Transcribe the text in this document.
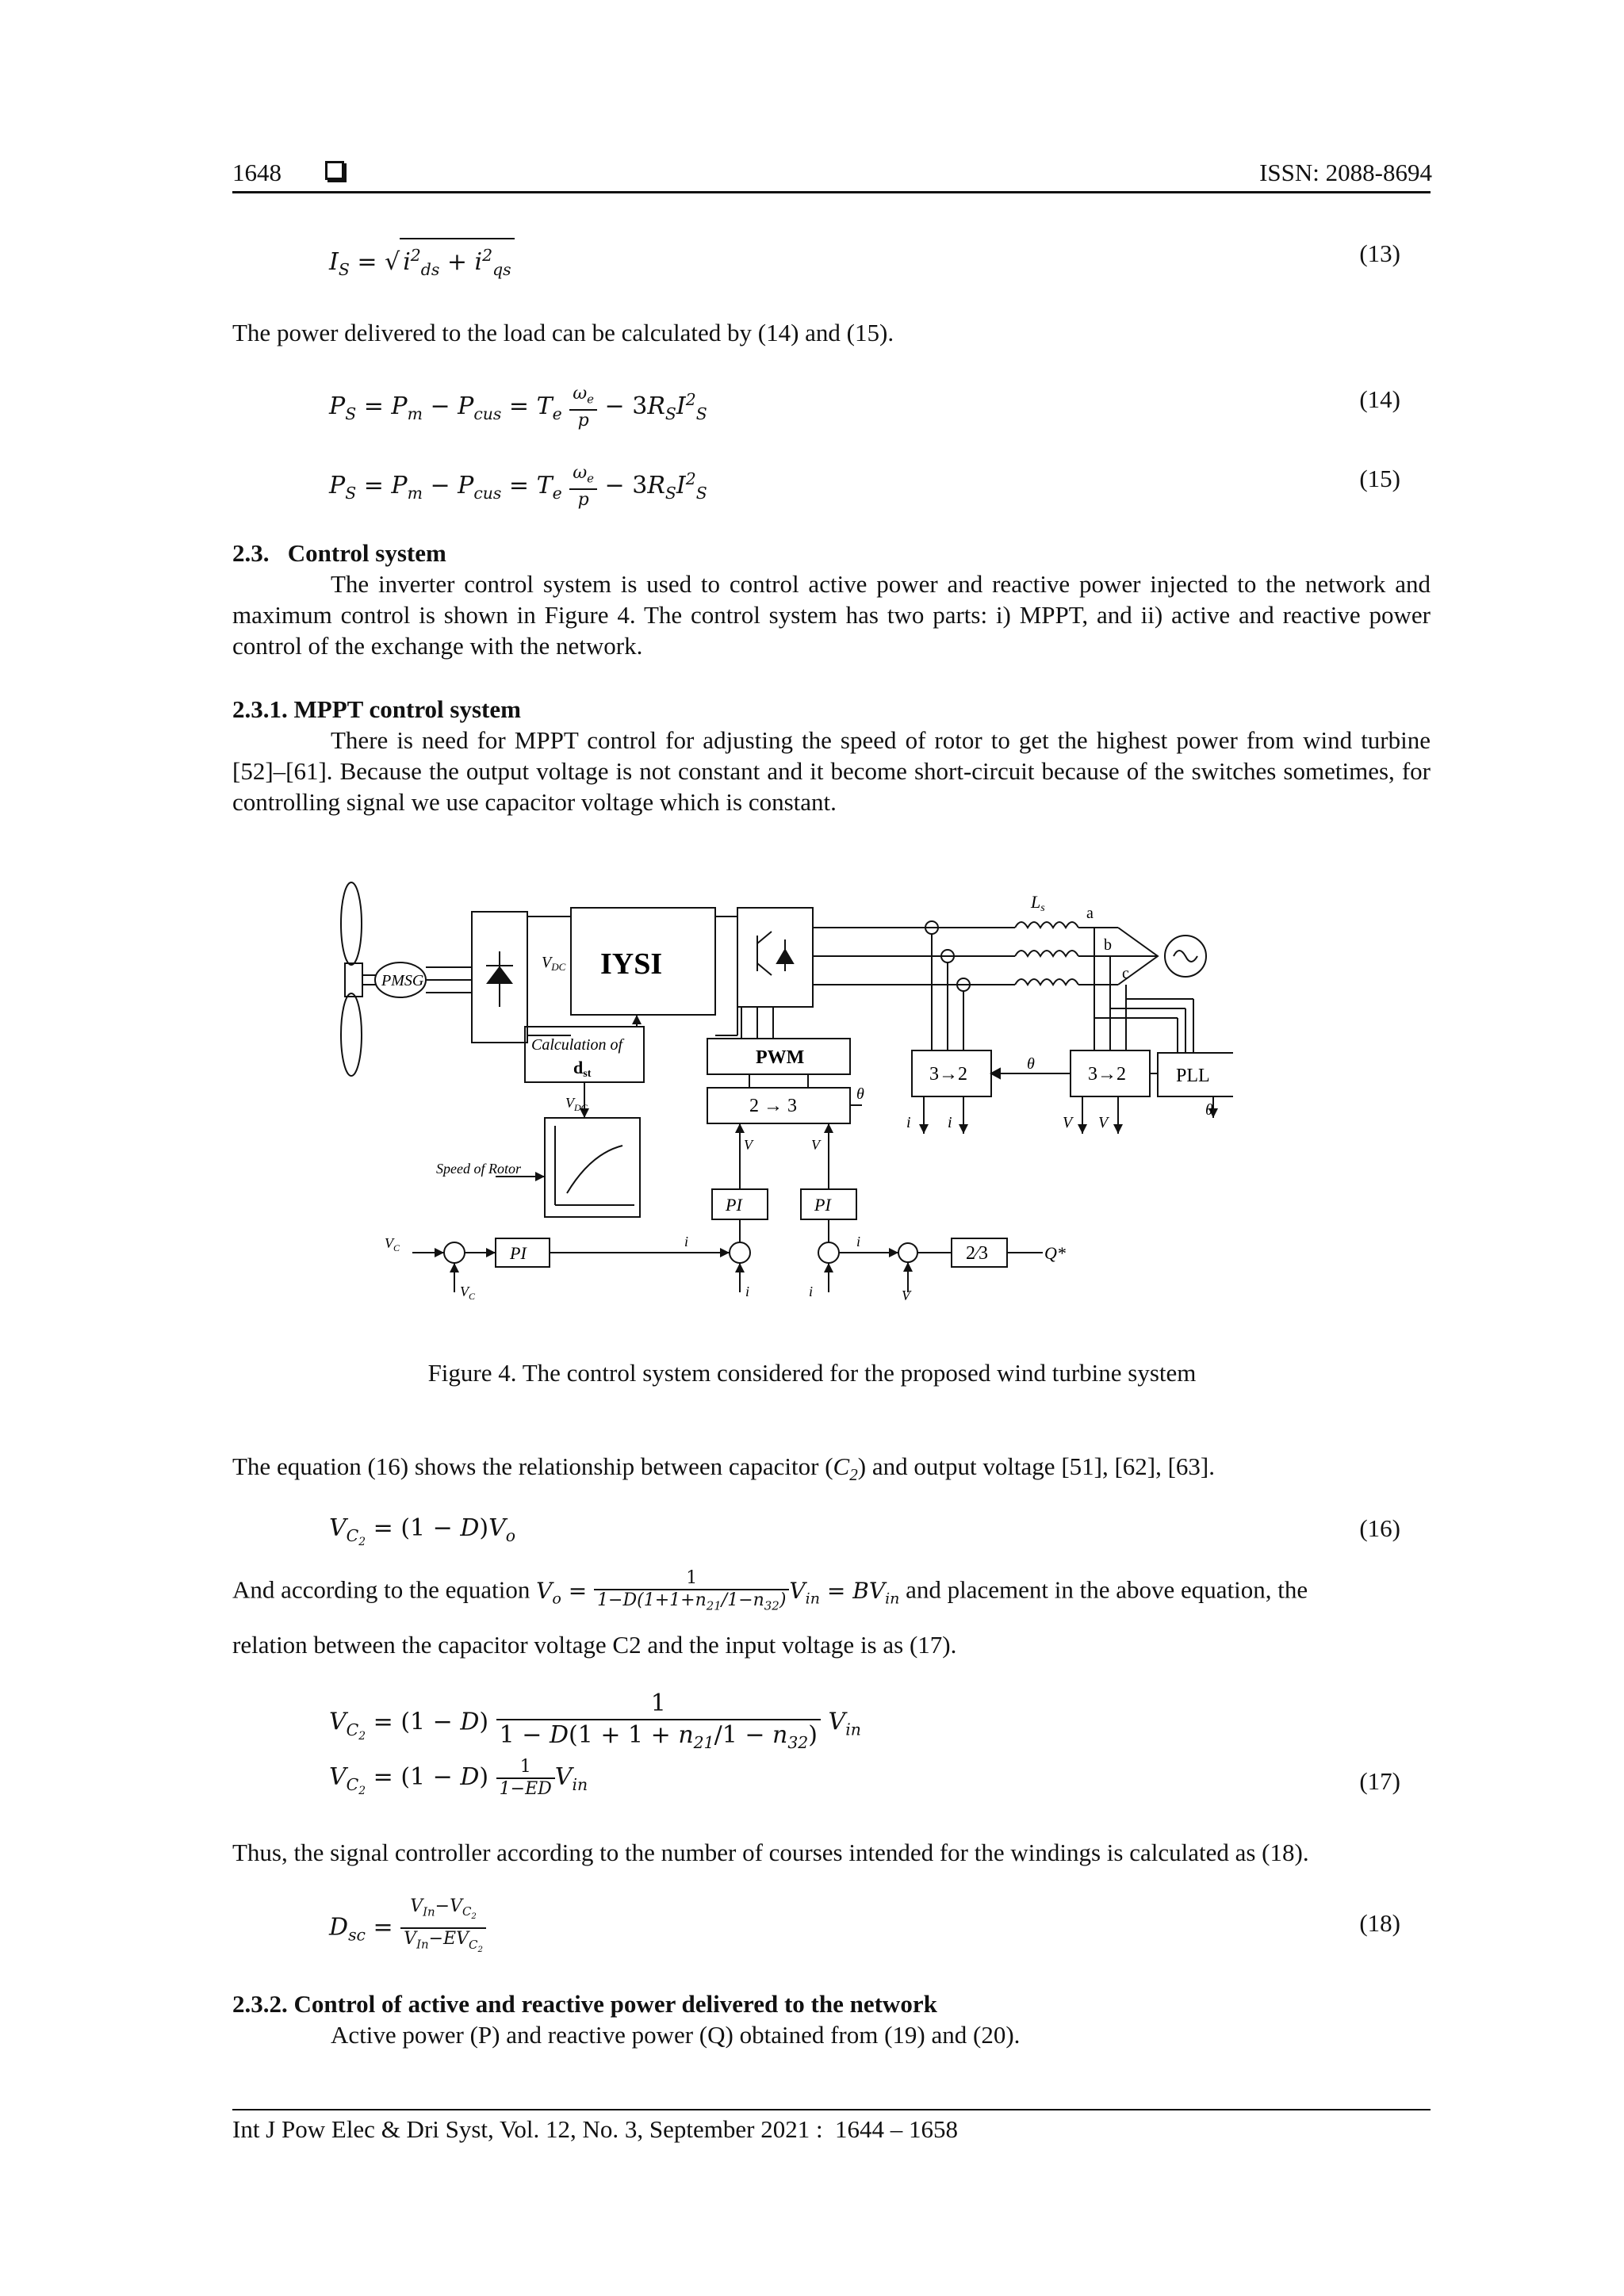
1648	ISSN: 2088-8694
$I_S$ = √ $i^2_{ds} + i^2_{qs}$
(13)
The power delivered to the load can be calculated by (14) and (15).
$P_S = P_m - P_{cus} = T_e \frac{\omega_e}{p} - 3R_SI^2_S$
(14)
$P_S = P_m - P_{cus} = T_e \frac{\omega_e}{p} - 3R_SI^2_S$
(15)
2.3. Control system
The inverter control system is used to control active power and reactive power injected to the network and maximum control is shown in Figure 4. The control system has two parts: i) MPPT, and ii) active and reactive power control of the exchange with the network.
2.3.1. MPPT control system
There is need for MPPT control for adjusting the speed of rotor to get the highest power from wind turbine [52]–[61]. Because the output voltage is not constant and it become short-circuit because of the switches sometimes, for controlling signal we use capacitor voltage which is constant.
PMSG	IYSI
PWM
Calculation of
dst
2 → 3
3→2	3→2	PLL
PI	PI
PI	2⁄3	Q*
Speed of Rotor
Ls	a
b
c
θ
θ
θ
i i	V V
V	V
$V_{DC}$
$V_{DC}$
$V_C$
$V_C$
i
i
i
i	V
Figure 4. The control system considered for the proposed wind turbine system
The equation (16) shows the relationship between capacitor $(C_2)$ and output voltage [51], [62], [63].
$V_{C_2} = (1 - D)V_o$	(16)
And according to the equation $V_o = \frac{1}{1-D(1+1+n_{21}/1-n_{32})} V_{in} = BV_{in}$ and placement in the above equation, the
relation between the capacitor voltage C2 and the input voltage is as (17).
$V_{C_2} = (1 - D) \frac{1}{1 - D(1 + 1 + n_{21}/1 - n_{32})} V_{in}$
$V_{C_2} = (1 - D) \frac{1}{1-ED} V_{in}$	(17)
Thus, the signal controller according to the number of courses intended for the windings is calculated as (18).
$D_{sc} = \frac{V_{In}-V_{C_2}}{V_{In}-EV_{C_2}}$	(18)
2.3.2. Control of active and reactive power delivered to the network
Active power (P) and reactive power (Q) obtained from (19) and (20).
Int J Pow Elec & Dri Syst, Vol. 12, No. 3, September 2021 :  1644 – 1658
